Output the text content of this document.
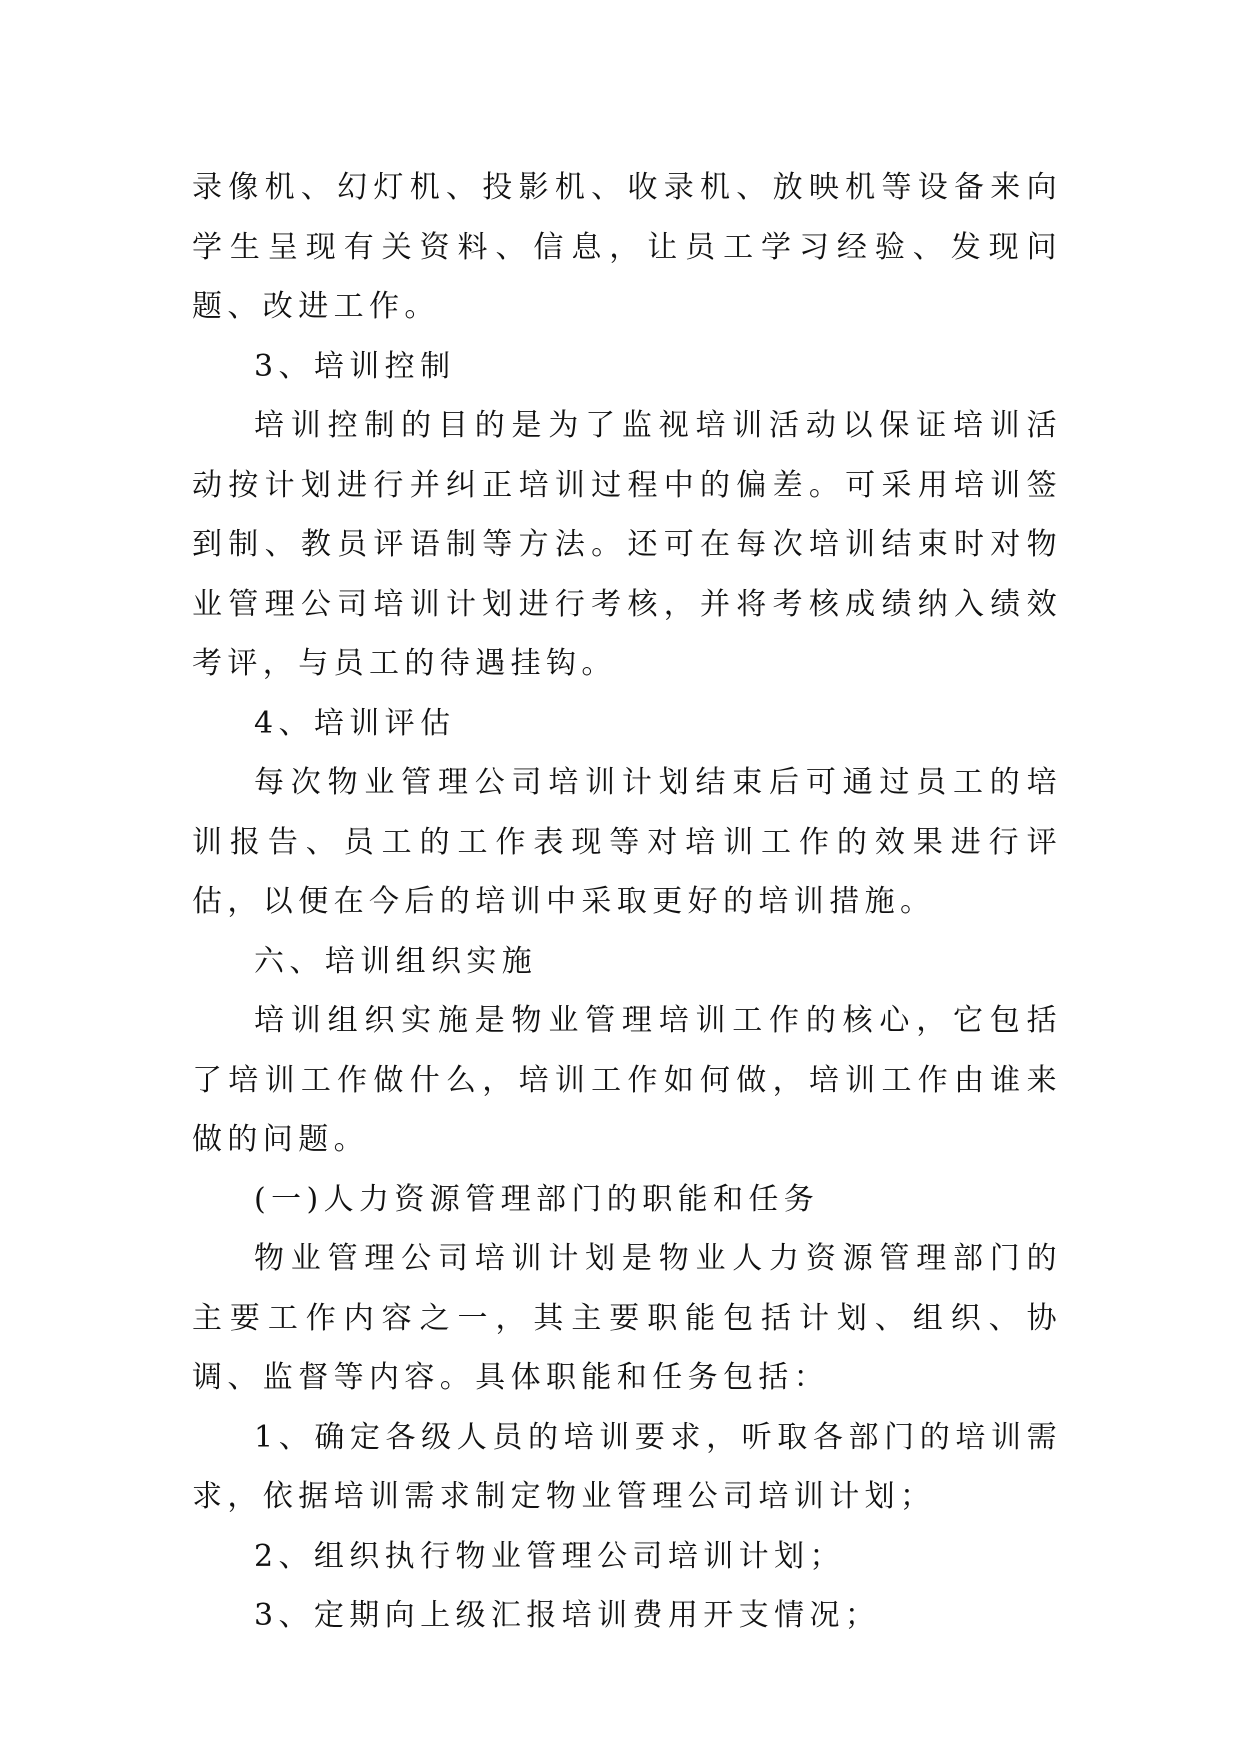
录像机、幻灯机、投影机、收录机、放映机等设备来向学生呈现有关资料、信息，让员工学习经验、发现问题、改进工作。

3、培训控制

培训控制的目的是为了监视培训活动以保证培训活动按计划进行并纠正培训过程中的偏差。可采用培训签到制、教员评语制等方法。还可在每次培训结束时对物业管理公司培训计划进行考核，并将考核成绩纳入绩效考评，与员工的待遇挂钩。

4、培训评估

每次物业管理公司培训计划结束后可通过员工的培训报告、员工的工作表现等对培训工作的效果进行评估，以便在今后的培训中采取更好的培训措施。

六、培训组织实施

培训组织实施是物业管理培训工作的核心，它包括了培训工作做什么，培训工作如何做，培训工作由谁来做的问题。

(一)人力资源管理部门的职能和任务

物业管理公司培训计划是物业人力资源管理部门的主要工作内容之一，其主要职能包括计划、组织、协调、监督等内容。具体职能和任务包括：

1、确定各级人员的培训要求，听取各部门的培训需求，依据培训需求制定物业管理公司培训计划；

2、组织执行物业管理公司培训计划；

3、定期向上级汇报培训费用开支情况；
